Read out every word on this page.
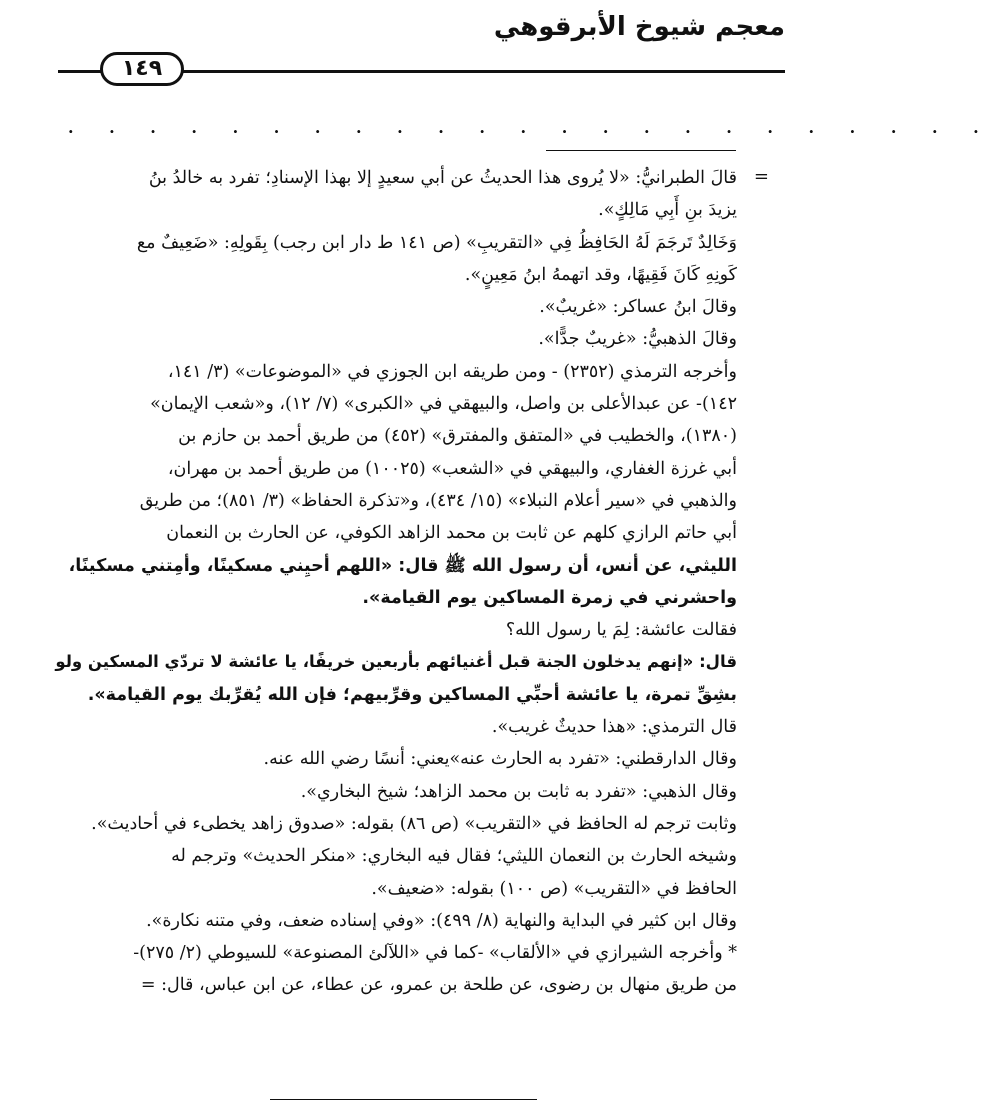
معجم شيوخ الأبرقوهي
١٤٩
. . . . . . . . . . . . . . . . . . . . . . .
=
قالَ الطبرانيُّ: «لا يُروى هذا الحديثُ عن أبي سعيدٍ إلا بهذا الإسنادِ؛ تفرد به خالدُ بنُ
يزيدَ بنِ أَبِي مَالِكٍ».
وَخَالِدٌ تَرجَمَ لَهُ الحَافِظُ فِي «التقريبِ» (ص ١٤١ ط دار ابن رجب) بِقَولِهِ: «ضَعِيفٌ مع
كَونِهِ كَانَ فَقِيهًا، وقد اتهمهُ ابنُ مَعِينٍ».
وقالَ ابنُ عساكر: «غريبٌ».
وقالَ الذهبيُّ: «غريبٌ جدًّا».
وأخرجه الترمذي (٢٣٥٢) - ومن طريقه ابن الجوزي في «الموضوعات» (٣/ ١٤١،
١٤٢)- عن عبدالأعلى بن واصل، والبيهقي في «الكبرى» (٧/ ١٢)، و«شعب الإيمان»
(١٣٨٠)، والخطيب في «المتفق والمفترق» (٤٥٢) من طريق أحمد بن حازم بن
أبي غرزة الغفاري، والبيهقي في «الشعب» (١٠٠٢٥) من طريق أحمد بن مهران،
والذهبي في «سير أعلام النبلاء» (١٥/ ٤٣٤)، و«تذكرة الحفاظ» (٣/ ٨٥١)؛ من طريق
أبي حاتم الرازي كلهم عن ثابت بن محمد الزاهد الكوفي، عن الحارث بن النعمان
الليثي، عن أنس، أن رسول الله ﷺ قال: «اللهم أحيِني مسكينًا، وأمِتني مسكينًا،
واحشرني في زمرة المساكين يوم القيامة».
فقالت عائشة: لِمَ يا رسول الله؟
قال: «إنهم يدخلون الجنة قبل أغنيائهم بأربعين خريفًا، يا عائشة لا تردّي المسكين ولو
بشِقِّ تمرة، يا عائشة أحبِّي المساكين وقرِّبيهم؛ فإن الله يُقرِّبك يوم القيامة».
قال الترمذي: «هذا حديثٌ غريب».
وقال الدارقطني: «تفرد به الحارث عنه»يعني: أنسًا رضي الله عنه.
وقال الذهبي: «تفرد به ثابت بن محمد الزاهد؛ شيخ البخاري».
وثابت ترجم له الحافظ في «التقريب» (ص ٨٦) بقوله: «صدوق زاهد يخطىء في أحاديث».
وشيخه الحارث بن النعمان الليثي؛ فقال فيه البخاري: «منكر الحديث» وترجم له
الحافظ في «التقريب» (ص ١٠٠) بقوله: «ضعيف».
وقال ابن كثير في البداية والنهاية (٨/ ٤٩٩): «وفي إسناده ضعف، وفي متنه نكارة».
* وأخرجه الشيرازي في «الألقاب» -كما في «اللآلئ المصنوعة» للسيوطي (٢/ ٢٧٥)-
من طريق منهال بن رضوى، عن طلحة بن عمرو، عن عطاء، عن ابن عباس، قال: =
